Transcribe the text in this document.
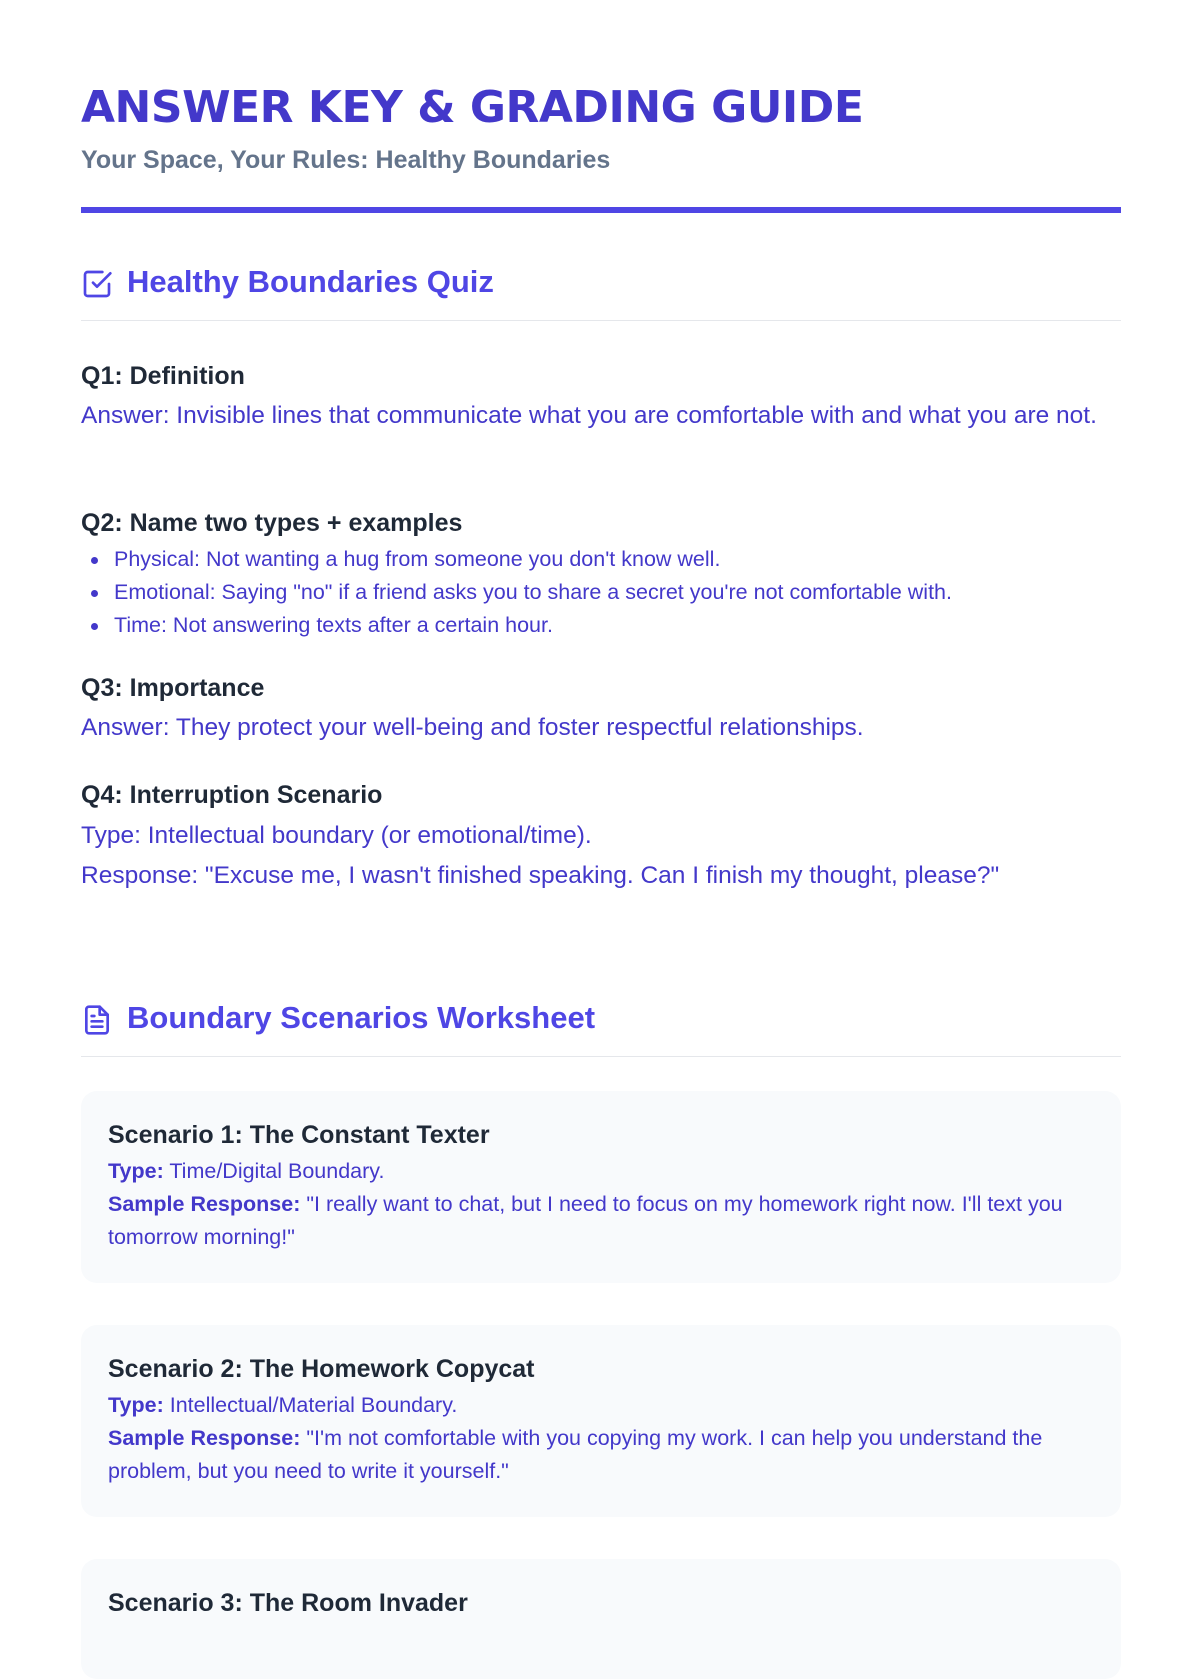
ANSWER KEY & GRADING GUIDE

Your Space, Your Rules: Healthy Boundaries

Healthy Boundaries Quiz

Q1: Definition

Answer: Invisible lines that communicate what you are comfortable with and what you are not.

Q2: Name two types + examples

Physical: Not wanting a hug from someone you don't know well.
Emotional: Saying "no" if a friend asks you to share a secret you're not comfortable with.
Time: Not answering texts after a certain hour.

Q3: Importance

Answer: They protect your well-being and foster respectful relationships.

Q4: Interruption Scenario

Type: Intellectual boundary (or emotional/time).

Response: "Excuse me, I wasn't finished speaking. Can I finish my thought, please?"

Boundary Scenarios Worksheet

Scenario 1: The Constant Texter

Type: Time/Digital Boundary.
Sample Response: "I really want to chat, but I need to focus on my homework right now. I'll text you tomorrow morning!"

Scenario 2: The Homework Copycat

Type: Intellectual/Material Boundary.
Sample Response: "I'm not comfortable with you copying my work. I can help you understand the problem, but you need to write it yourself."

Scenario 3: The Room Invader
